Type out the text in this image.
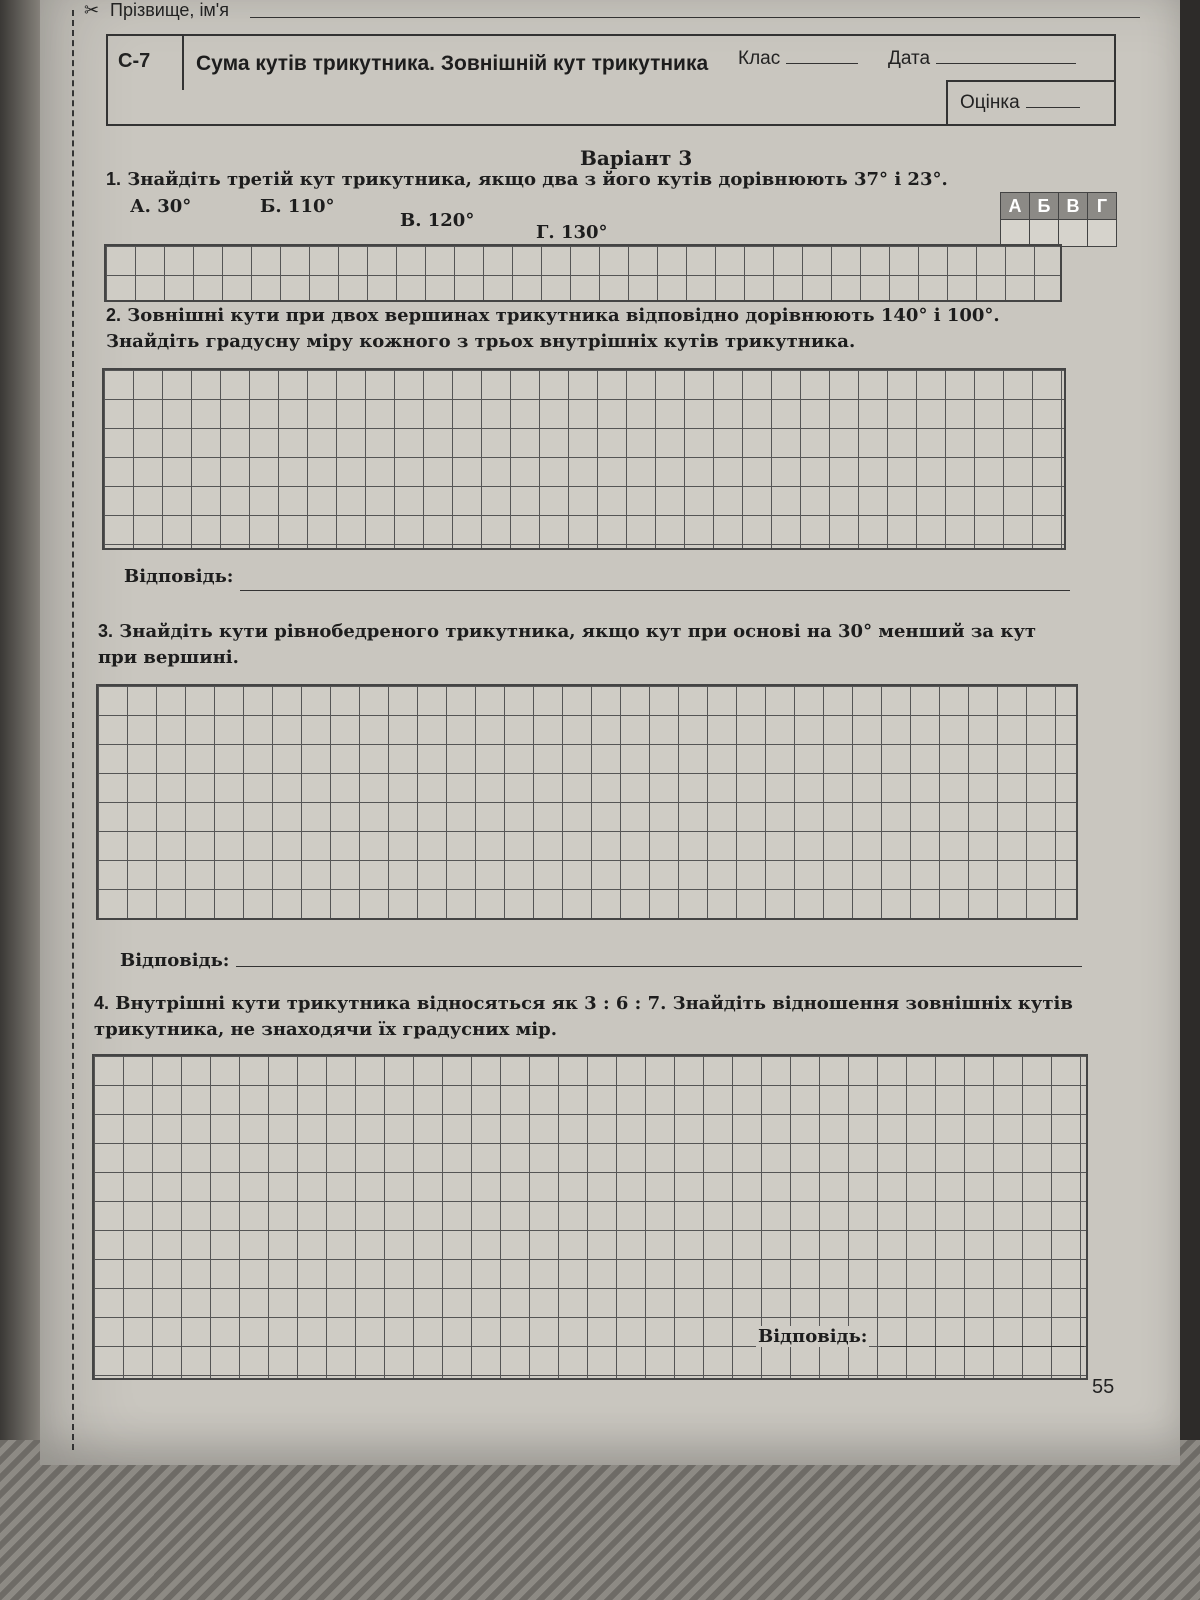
✂ Прізвище, ім'я
С-7	Сума кутів трикутника. Зовнішній кут трикутника	Клас	Дата
Оцінка
Варіант 3
1. Знайдіть третій кут трикутника, якщо два з його кутів дорівнюють 37° і 23°.
А. 30°	Б. 110°
В. 120°
Г. 130°
А	Б	В	Г

2. Зовнішні кути при двох вершинах трикутника відповідно дорівнюють 140° і 100°. Знайдіть градусну міру кожного з трьох внутрішніх кутів трикутника.
Відповідь:
3. Знайдіть кути рівнобедреного трикутника, якщо кут при основі на 30° менший за кут при вершині.
Відповідь:
4. Внутрішні кути трикутника відносяться як 3 : 6 : 7. Знайдіть відношення зовнішніх кутів трикутника, не знаходячи їх градусних мір.
Відповідь:
55
